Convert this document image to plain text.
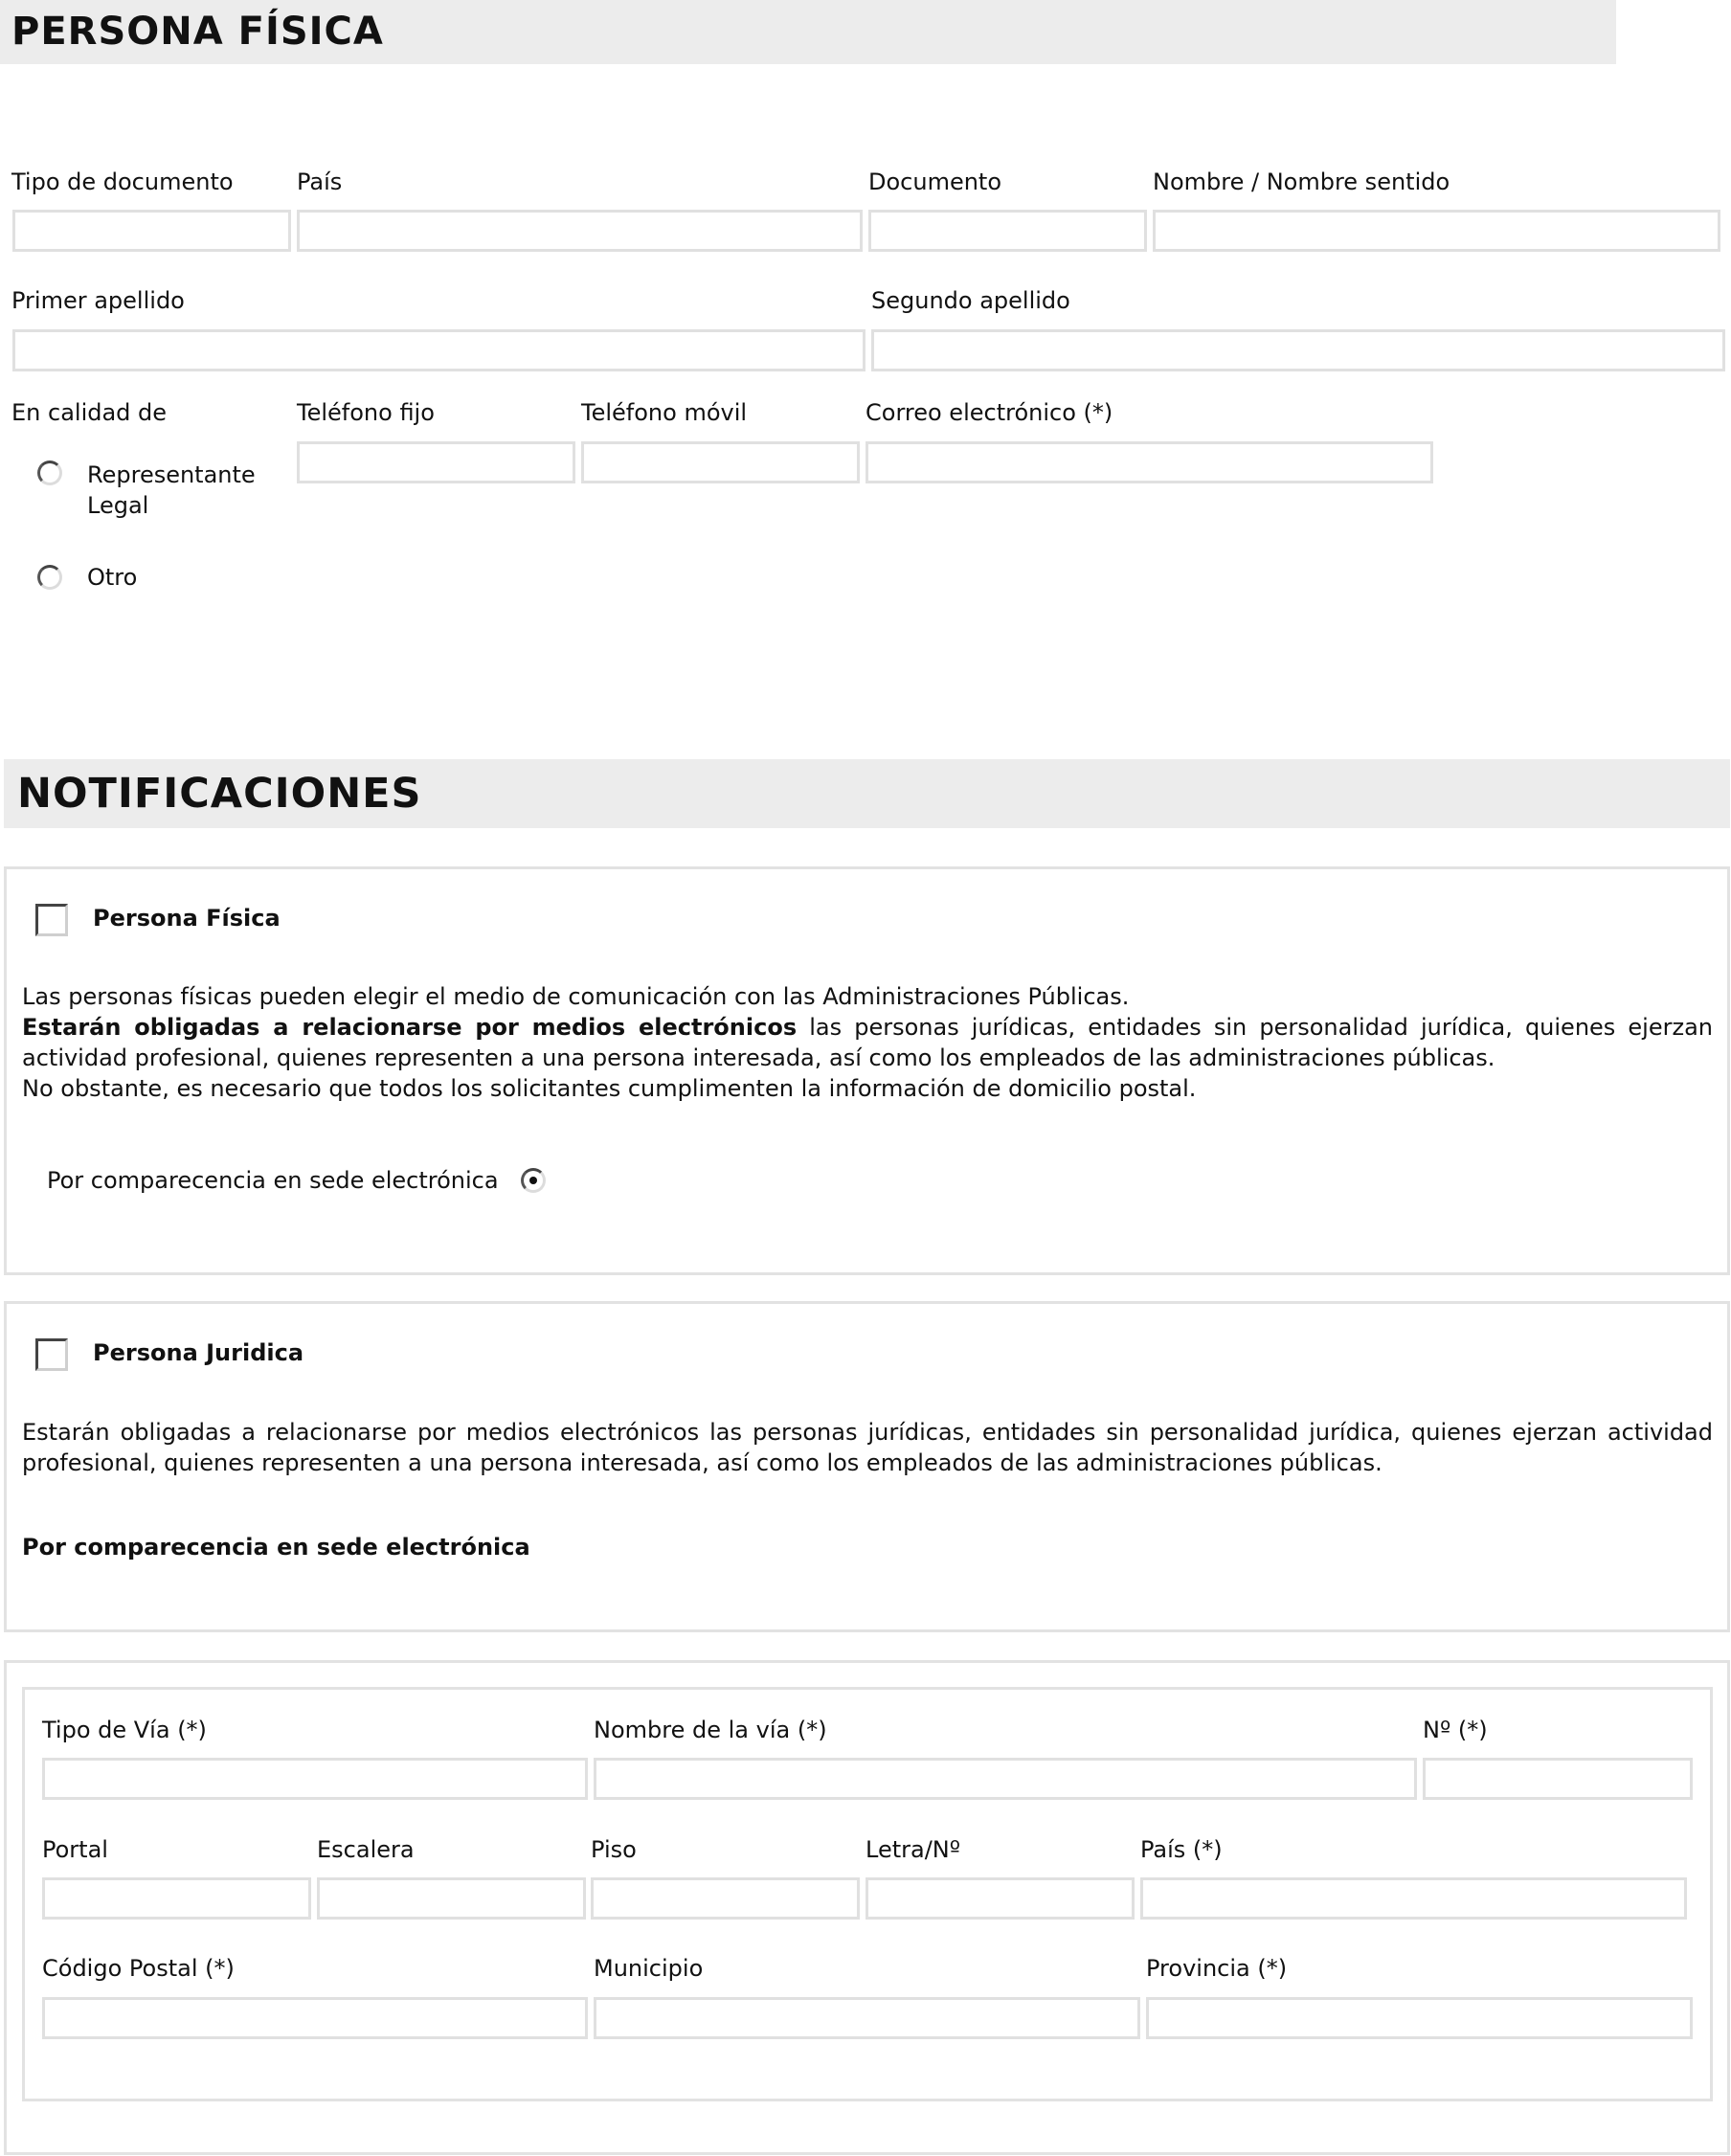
PERSONA FÍSICA
Tipo de documento	País	Documento	Nombre / Nombre sentido
Primer apellido	Segundo apellido
En calidad de	Teléfono fijo	Teléfono móvil	Correo electrónico (*)
Representante Legal
Otro
NOTIFICACIONES
Persona Física
Las personas físicas pueden elegir el medio de comunicación con las Administraciones Públicas.
Estarán obligadas a relacionarse por medios electrónicos las personas jurídicas, entidades sin personalidad jurídica, quienes ejerzan actividad profesional, quienes representen a una persona interesada, así como los empleados de las administraciones públicas.
No obstante, es necesario que todos los solicitantes cumplimenten la información de domicilio postal.
Por comparecencia en sede electrónica
Persona Juridica
Estarán obligadas a relacionarse por medios electrónicos las personas jurídicas, entidades sin personalidad jurídica, quienes ejerzan actividad profesional, quienes representen a una persona interesada, así como los empleados de las administraciones públicas.
Por comparecencia en sede electrónica
Tipo de Vía (*)	Nombre de la vía (*)	Nº (*)
Portal	Escalera	Piso	Letra/Nº	País (*)
Código Postal (*)	Municipio	Provincia (*)
